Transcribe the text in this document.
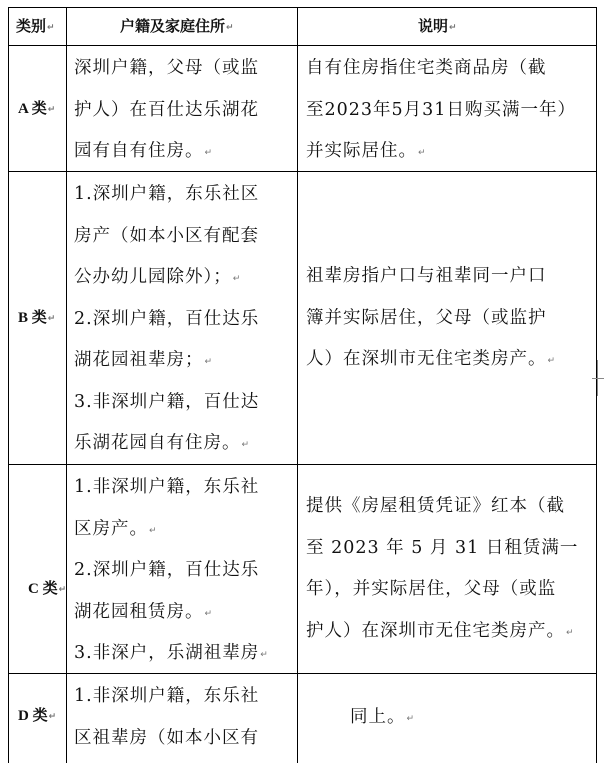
类别↵	户籍及家庭住所↵	说明↵
A 类↵
深圳户籍，父母（或监
护人）在百仕达乐湖花
园有自有住房。↵
自有住房指住宅类商品房（截
至2023年5月31日购买满一年）
并实际居住。↵
B 类↵
1.深圳户籍，东乐社区
房产（如本小区有配套
公办幼儿园除外）；↵
2.深圳户籍，百仕达乐
湖花园祖辈房；↵
3.非深圳户籍，百仕达
乐湖花园自有住房。↵
祖辈房指户口与祖辈同一户口
簿并实际居住，父母（或监护
人）在深圳市无住宅类房产。↵
C 类↵
1.非深圳户籍，东乐社
区房产。↵
2.深圳户籍，百仕达乐
湖花园租赁房。↵
3.非深户，乐湖祖辈房↵
提供《房屋租赁凭证》红本（截
至 2023 年 5 月 31 日租赁满一
年），并实际居住，父母（或监
护人）在深圳市无住宅类房产。↵
D 类↵
1.非深圳户籍，东乐社
区祖辈房（如本小区有
同上。↵
